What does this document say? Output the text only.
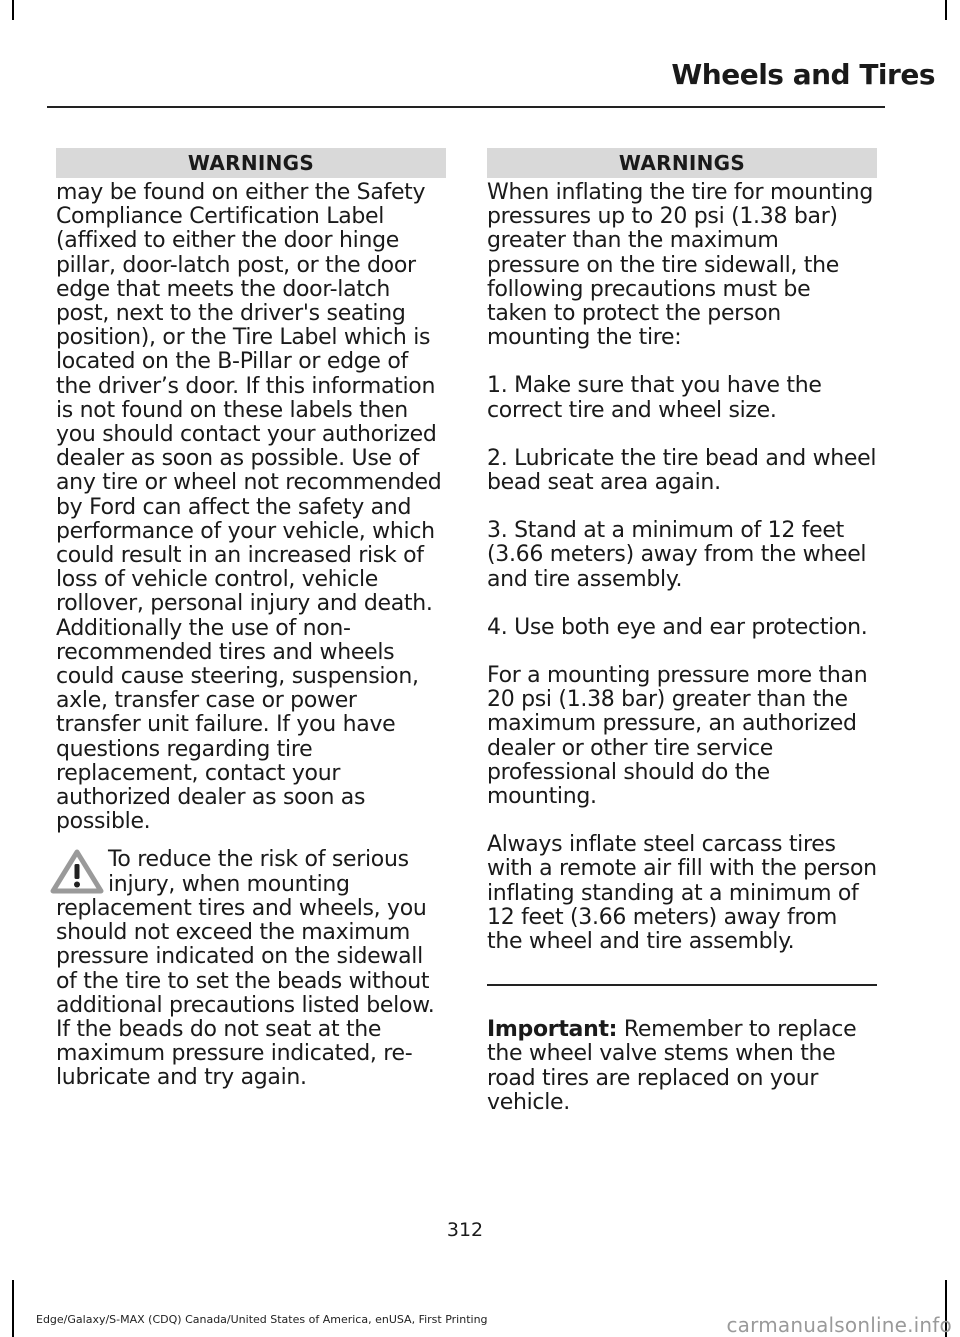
Wheels and Tires
WARNINGS

may be found on either the Safety Compliance Certification Label (affixed to either the door hinge pillar, door-latch post, or the door edge that meets the door-latch post, next to the driver's seating position), or the Tire Label which is located on the B-Pillar or edge of the driver’s door. If this information is not found on these labels then you should contact your authorized dealer as soon as possible. Use of any tire or wheel not recommended by Ford can affect the safety and performance of your vehicle, which could result in an increased risk of loss of vehicle control, vehicle rollover, personal injury and death. Additionally the use of non-recommended tires and wheels could cause steering, suspension, axle, transfer case or power transfer unit failure. If you have questions regarding tire replacement, contact your authorized dealer as soon as possible.

To reduce the risk of serious injury, when mounting replacement tires and wheels, you should not exceed the maximum pressure indicated on the sidewall of the tire to set the beads without additional precautions listed below. If the beads do not seat at the maximum pressure indicated, re-lubricate and try again.
WARNINGS

When inflating the tire for mounting pressures up to 20 psi (1.38 bar) greater than the maximum pressure on the tire sidewall, the following precautions must be taken to protect the person mounting the tire:

1. Make sure that you have the correct tire and wheel size.

2. Lubricate the tire bead and wheel bead seat area again.

3. Stand at a minimum of 12 feet (3.66 meters) away from the wheel and tire assembly.

4. Use both eye and ear protection.

For a mounting pressure more than 20 psi (1.38 bar) greater than the maximum pressure, an authorized dealer or other tire service professional should do the mounting.

Always inflate steel carcass tires with a remote air fill with the person inflating standing at a minimum of 12 feet (3.66 meters) away from the wheel and tire assembly.

Important: Remember to replace the wheel valve stems when the road tires are replaced on your vehicle.

312
Edge/Galaxy/S-MAX (CDQ) Canada/United States of America, enUSA, First Printing	carmanualsonline.info
